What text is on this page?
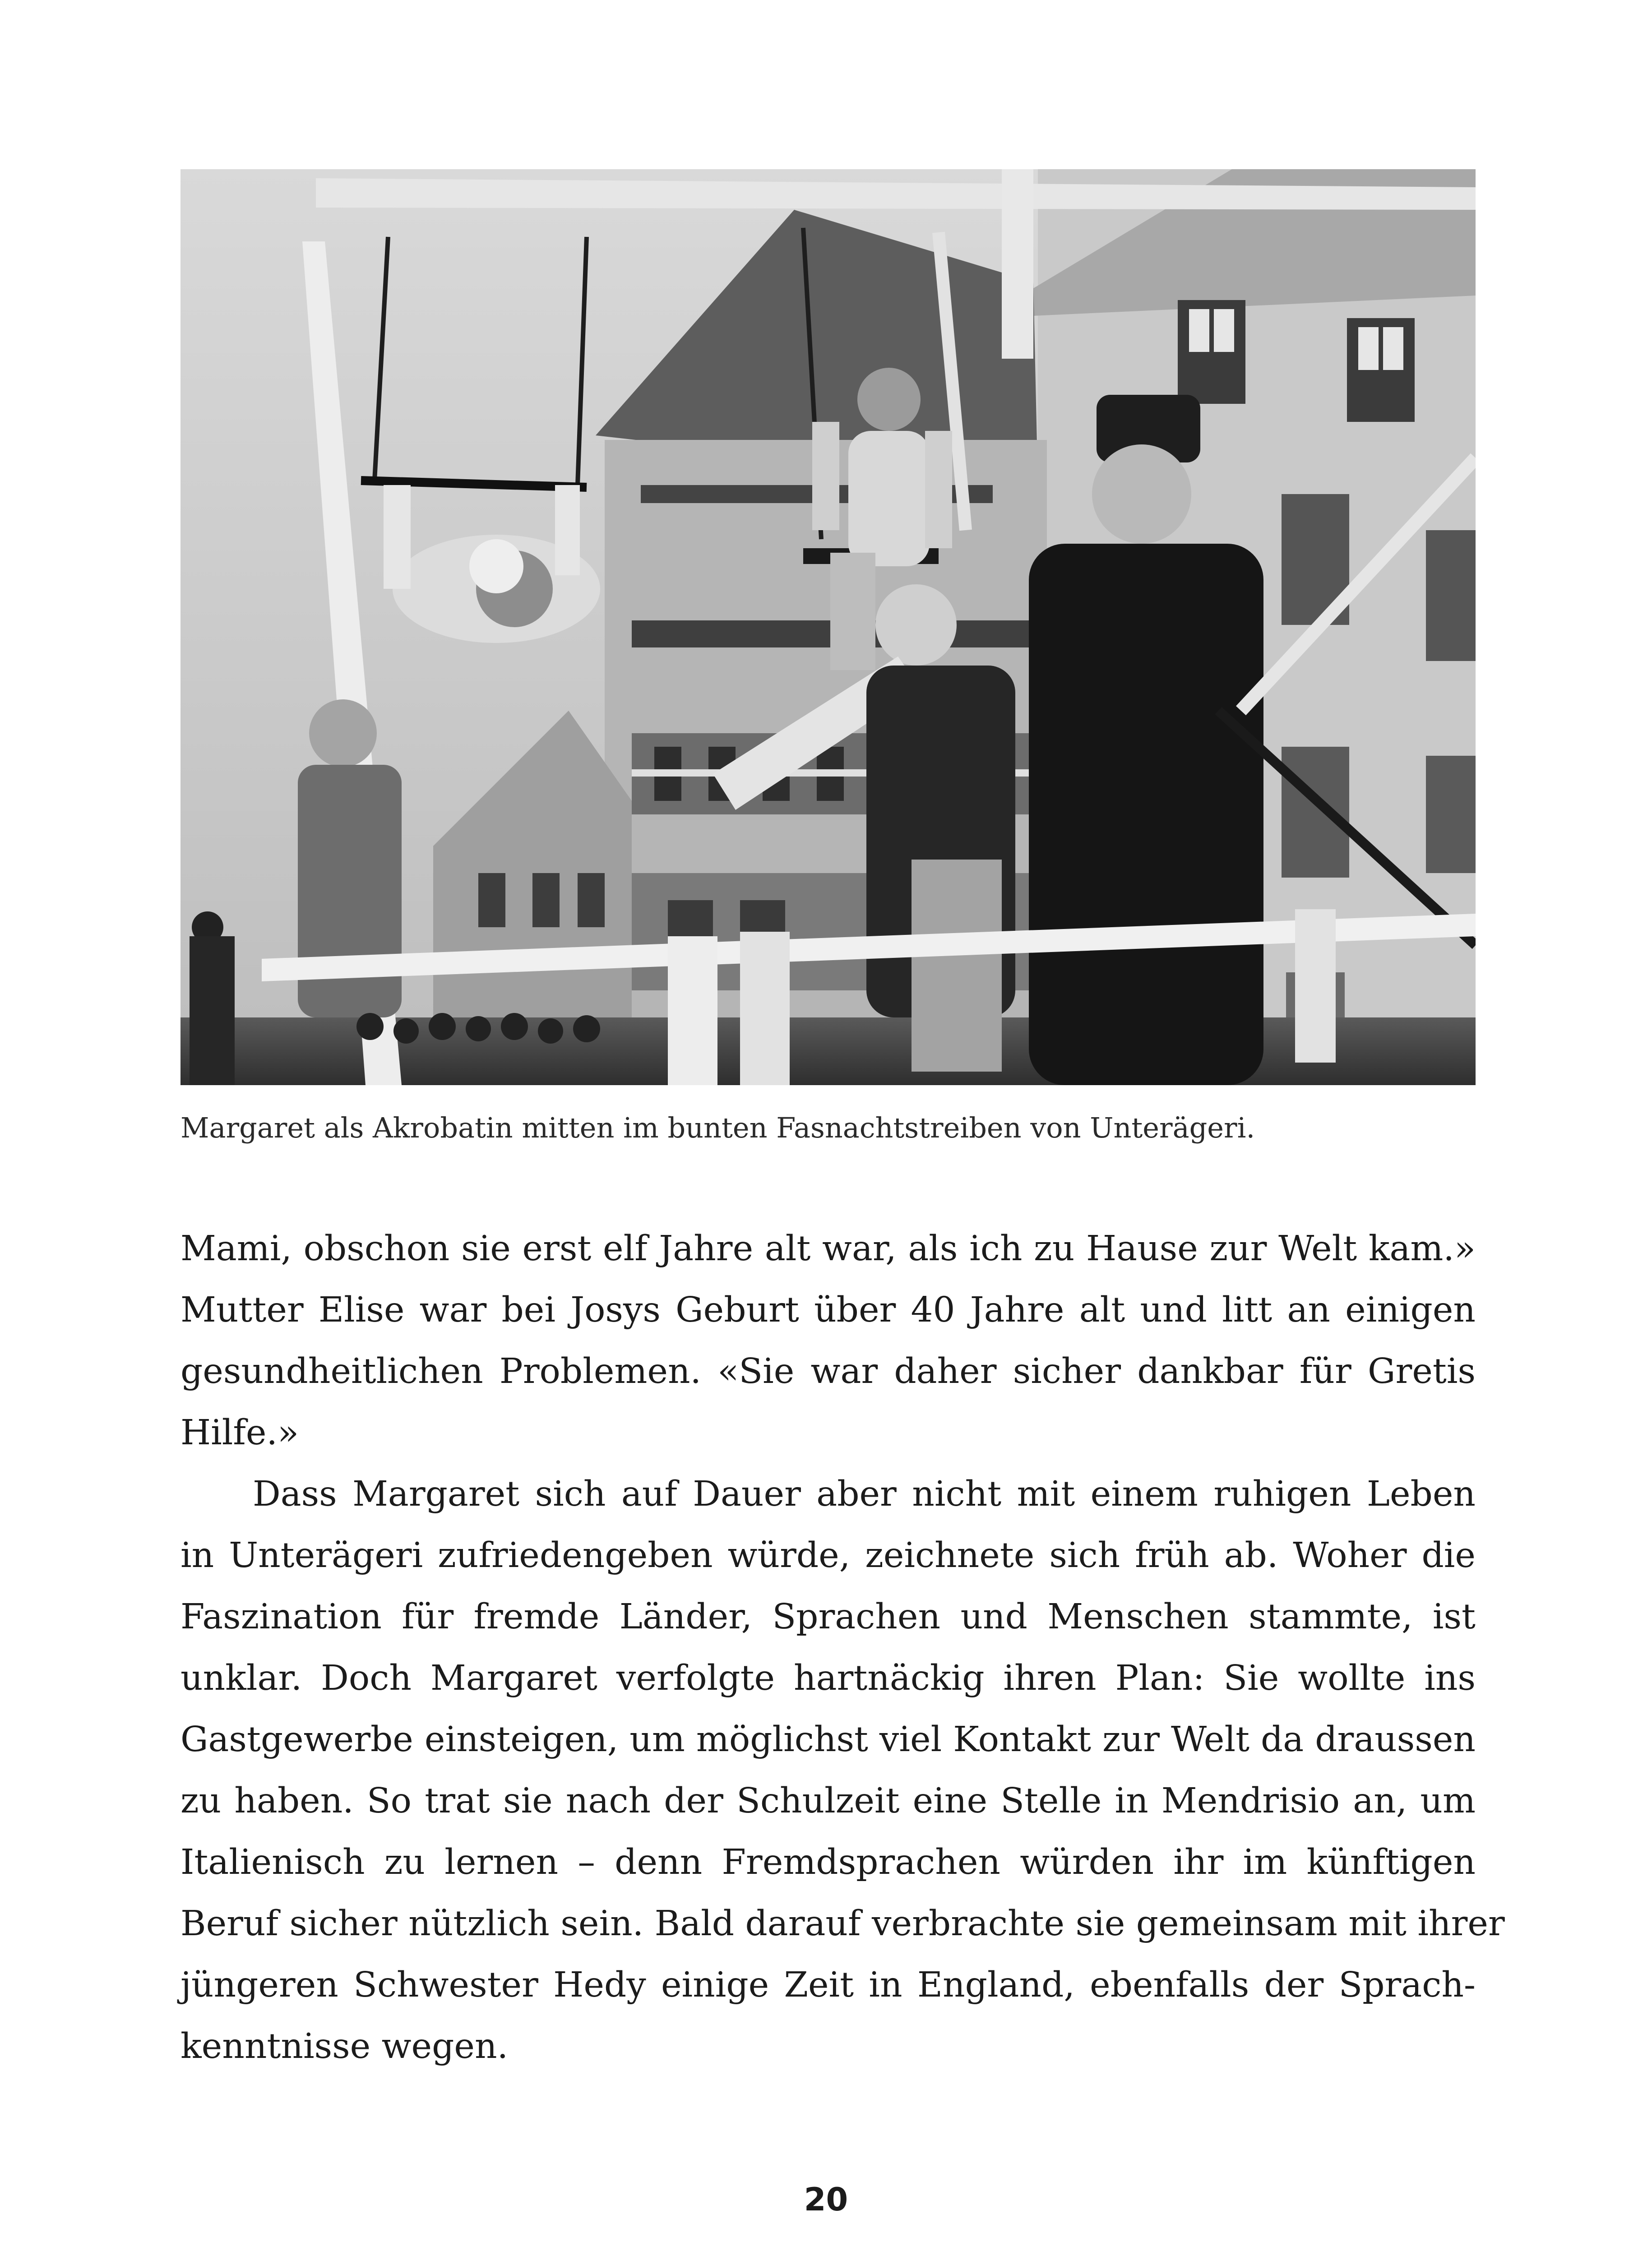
Margaret als Akrobatin mitten im bunten Fasnachtstreiben von Unterägeri.
Mami, obschon sie erst elf Jahre alt war, als ich zu Hause zur Welt kam.»
Mutter Elise war bei Josys Geburt über 40 Jahre alt und litt an einigen
gesundheitlichen Problemen. «Sie war daher sicher dankbar für Gretis
Hilfe.»
Dass Margaret sich auf Dauer aber nicht mit einem ruhigen Leben
in Unterägeri zufriedengeben würde, zeichnete sich früh ab. Woher die
Faszination für fremde Länder, Sprachen und Menschen stammte, ist
unklar. Doch Margaret verfolgte hartnäckig ihren Plan: Sie wollte ins
Gastgewerbe einsteigen, um möglichst viel Kontakt zur Welt da draussen
zu haben. So trat sie nach der Schulzeit eine Stelle in Mendrisio an, um
Italienisch zu lernen – denn Fremdsprachen würden ihr im künftigen
Beruf sicher nützlich sein. Bald darauf verbrachte sie gemeinsam mit ihrer
jüngeren Schwester Hedy einige Zeit in England, ebenfalls der Sprach-
kenntnisse wegen.
20
